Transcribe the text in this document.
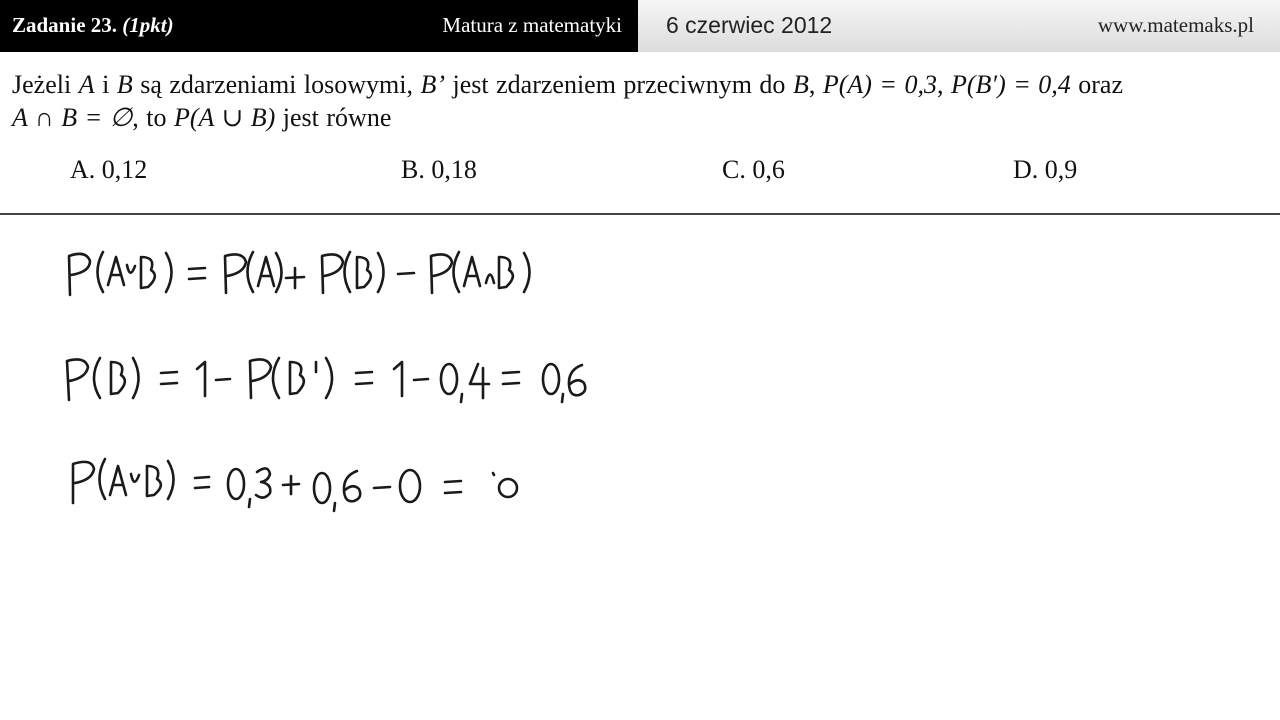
Zadanie 23. (1pkt)	Matura z matematyki 6 czerwiec 2012	www.matemaks.pl
Jeżeli A i B są zdarzeniami losowymi, B’ jest zdarzeniem przeciwnym do B, P(A) = 0,3, P(B′) = 0,4 oraz
A ∩ B = ∅, to P(A ∪ B) jest równe
A. 0,12	B. 0,18	C. 0,6	D. 0,9
